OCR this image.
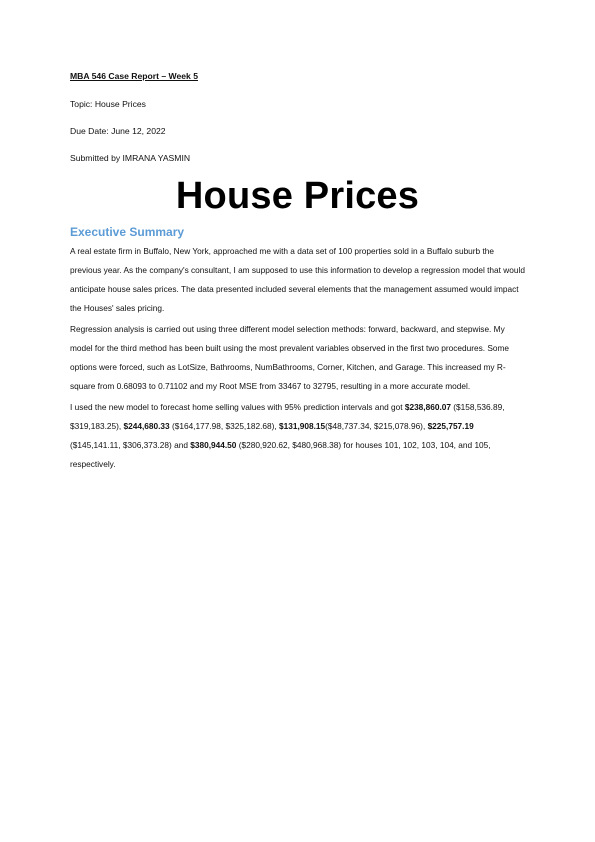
MBA 546 Case Report – Week 5

Topic: House Prices

Due Date: June 12, 2022

Submitted by IMRANA YASMIN

House Prices
Executive Summary

A real estate firm in Buffalo, New York, approached me with a data set of 100 properties sold in a Buffalo suburb the previous year. As the company's consultant, I am supposed to use this information to develop a regression model that would anticipate house sales prices. The data presented included several elements that the management assumed would impact the Houses' sales pricing.

Regression analysis is carried out using three different model selection methods: forward, backward, and stepwise. My model for the third method has been built using the most prevalent variables observed in the first two procedures. Some options were forced, such as LotSize, Bathrooms, NumBathrooms, Corner, Kitchen, and Garage. This increased my R-square from 0.68093 to 0.71102 and my Root MSE from 33467 to 32795, resulting in a more accurate model.

I used the new model to forecast home selling values with 95% prediction intervals and got $238,860.07 ($158,536.89, $319,183.25), $244,680.33 ($164,177.98, $325,182.68), $131,908.15($48,737.34, $215,078.96), $225,757.19 ($145,141.11, $306,373.28) and $380,944.50 ($280,920.62, $480,968.38) for houses 101, 102, 103, 104, and 105, respectively.
